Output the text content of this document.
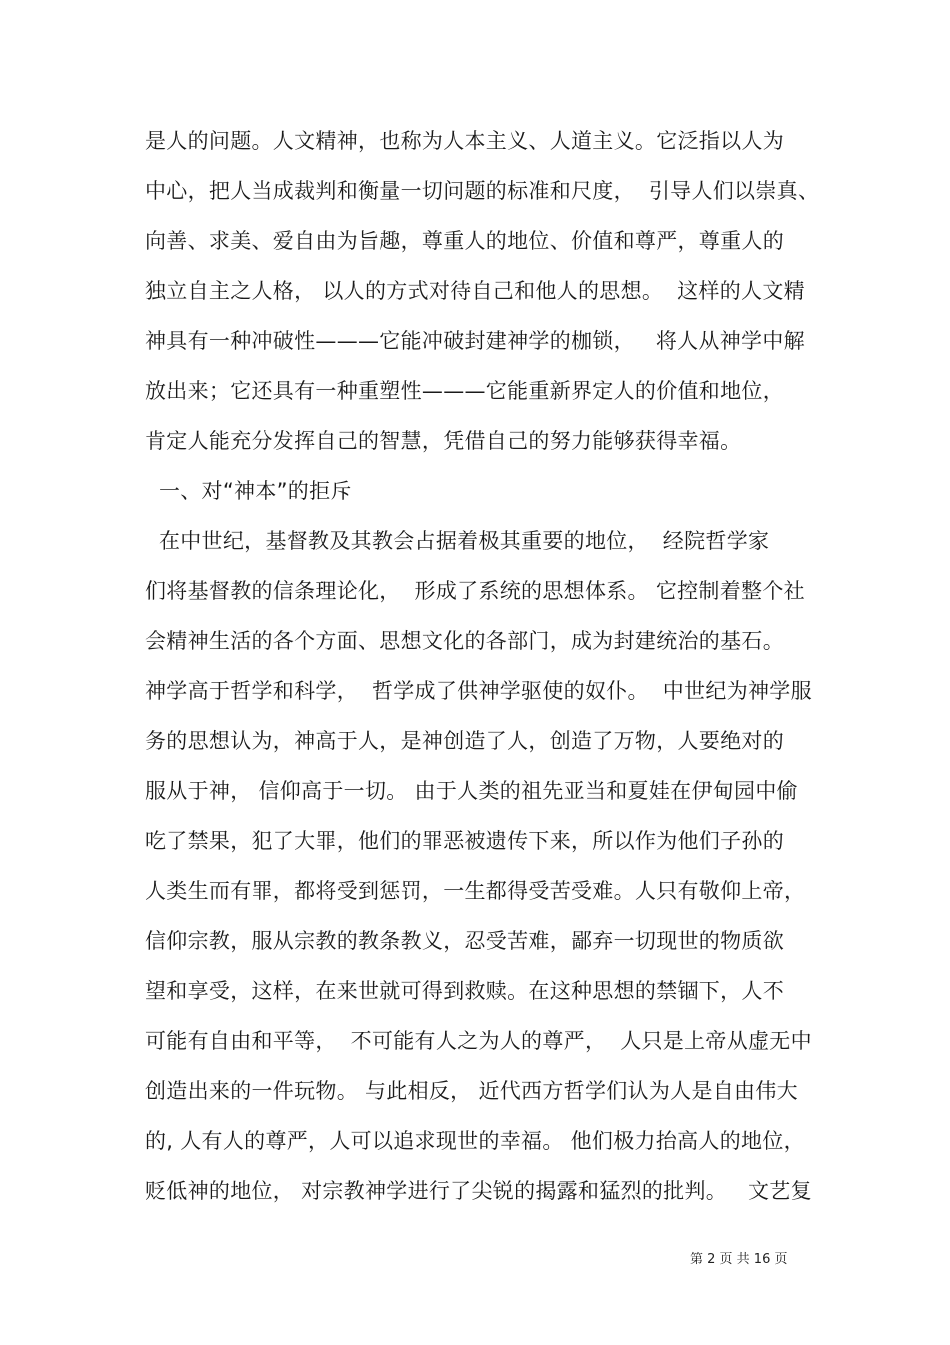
是人的问题。人文精神，也称为人本主义、人道主义。它泛指以人为
中心，把人当成裁判和衡量一切问题的标准和尺度，  引导人们以崇真、
向善、求美、爱自由为旨趣，尊重人的地位、价值和尊严，尊重人的
独立自主之人格， 以人的方式对待自己和他人的思想。  这样的人文精
神具有一种冲破性———它能冲破封建神学的枷锁，   将人从神学中解
放出来；它还具有一种重塑性———它能重新界定人的价值和地位，
肯定人能充分发挥自己的智慧，凭借自己的努力能够获得幸福。
一、对“神本”的拒斥
在中世纪，基督教及其教会占据着极其重要的地位，  经院哲学家
们将基督教的信条理论化，  形成了系统的思想体系。 它控制着整个社
会精神生活的各个方面、思想文化的各部门，成为封建统治的基石。
神学高于哲学和科学，  哲学成了供神学驱使的奴仆。  中世纪为神学服
务的思想认为，神高于人，是神创造了人，创造了万物，人要绝对的
服从于神， 信仰高于一切。 由于人类的祖先亚当和夏娃在伊甸园中偷
吃了禁果，犯了大罪，他们的罪恶被遗传下来，所以作为他们子孙的
人类生而有罪，都将受到惩罚，一生都得受苦受难。人只有敬仰上帝，
信仰宗教，服从宗教的教条教义，忍受苦难，鄙弃一切现世的物质欲
望和享受，这样，在来世就可得到救赎。在这种思想的禁锢下，人不
可能有自由和平等，  不可能有人之为人的尊严，  人只是上帝从虚无中
创造出来的一件玩物。 与此相反， 近代西方哲学们认为人是自由伟大
的, 人有人的尊严，人可以追求现世的幸福。 他们极力抬高人的地位，
贬低神的地位， 对宗教神学进行了尖锐的揭露和猛烈的批判。   文艺复
第 2 页 共 16 页
